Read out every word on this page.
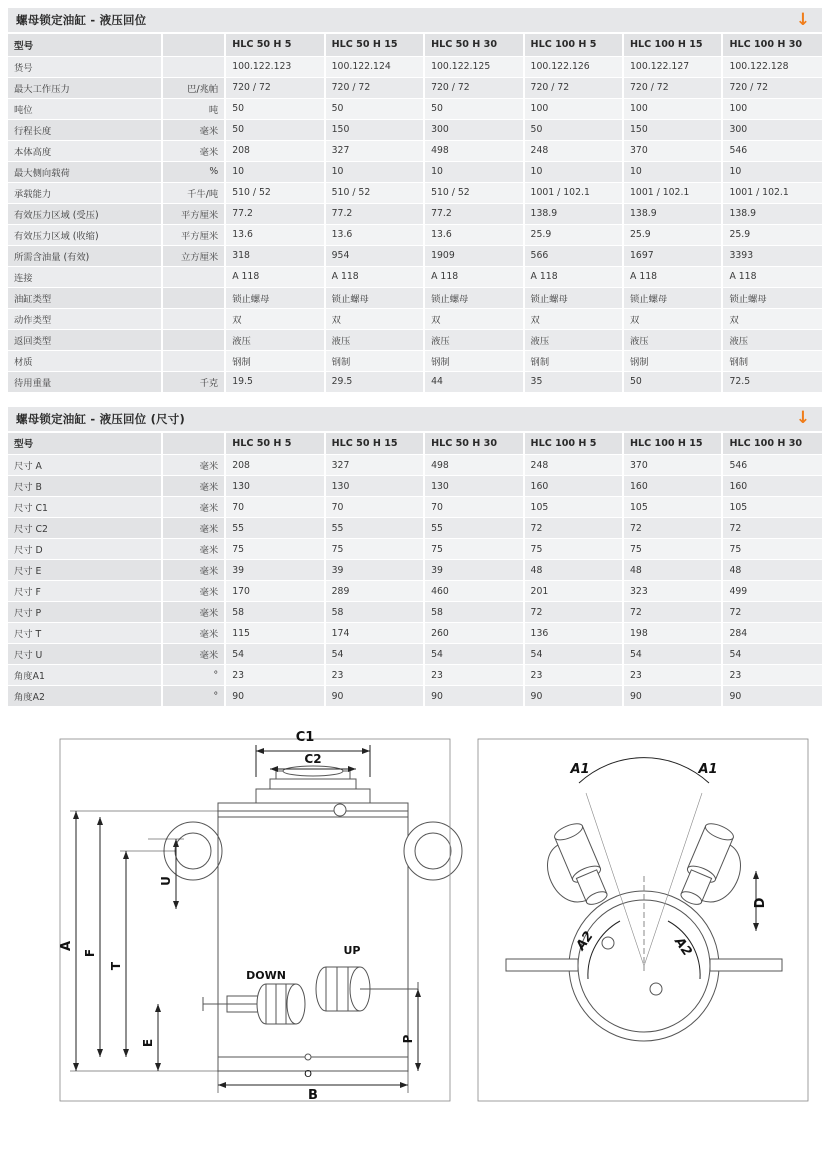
螺母锁定油缸 - 液压回位	↓
型号		HLC 50 H 5	HLC 50 H 15	HLC 50 H 30	HLC 100 H 5	HLC 100 H 15	HLC 100 H 30
货号		100.122.123	100.122.124	100.122.125	100.122.126	100.122.127	100.122.128
最大工作压力	巴/兆帕	720 / 72	720 / 72	720 / 72	720 / 72	720 / 72	720 / 72
吨位	吨	50	50	50	100	100	100
行程长度	毫米	50	150	300	50	150	300
本体高度	毫米	208	327	498	248	370	546
最大侧向载荷	%	10	10	10	10	10	10
承载能力	千牛/吨	510 / 52	510 / 52	510 / 52	1001 / 102.1	1001 / 102.1	1001 / 102.1
有效压力区域 (受压)	平方厘米	77.2	77.2	77.2	138.9	138.9	138.9
有效压力区域 (收缩)	平方厘米	13.6	13.6	13.6	25.9	25.9	25.9
所需含油量 (有效)	立方厘米	318	954	1909	566	1697	3393
连接		A 118	A 118	A 118	A 118	A 118	A 118
油缸类型		锁止螺母	锁止螺母	锁止螺母	锁止螺母	锁止螺母	锁止螺母
动作类型		双	双	双	双	双	双
返回类型		液压	液压	液压	液压	液压	液压
材质		钢制	钢制	钢制	钢制	钢制	钢制
待用重量	千克	19.5	29.5	44	35	50	72.5
螺母锁定油缸 - 液压回位 (尺寸)	↓
型号		HLC 50 H 5	HLC 50 H 15	HLC 50 H 30	HLC 100 H 5	HLC 100 H 15	HLC 100 H 30
尺寸 A	毫米	208	327	498	248	370	546
尺寸 B	毫米	130	130	130	160	160	160
尺寸 C1	毫米	70	70	70	105	105	105
尺寸 C2	毫米	55	55	55	72	72	72
尺寸 D	毫米	75	75	75	75	75	75
尺寸 E	毫米	39	39	39	48	48	48
尺寸 F	毫米	170	289	460	201	323	499
尺寸 P	毫米	58	58	58	72	72	72
尺寸 T	毫米	115	174	260	136	198	284
尺寸 U	毫米	54	54	54	54	54	54
角度A1	°	23	23	23	23	23	23
角度A2	°	90	90	90	90	90	90
C1
C2
A
F
T
U
E	P
B
DOWN
UP
O
A1	A1
A2	A2
D
